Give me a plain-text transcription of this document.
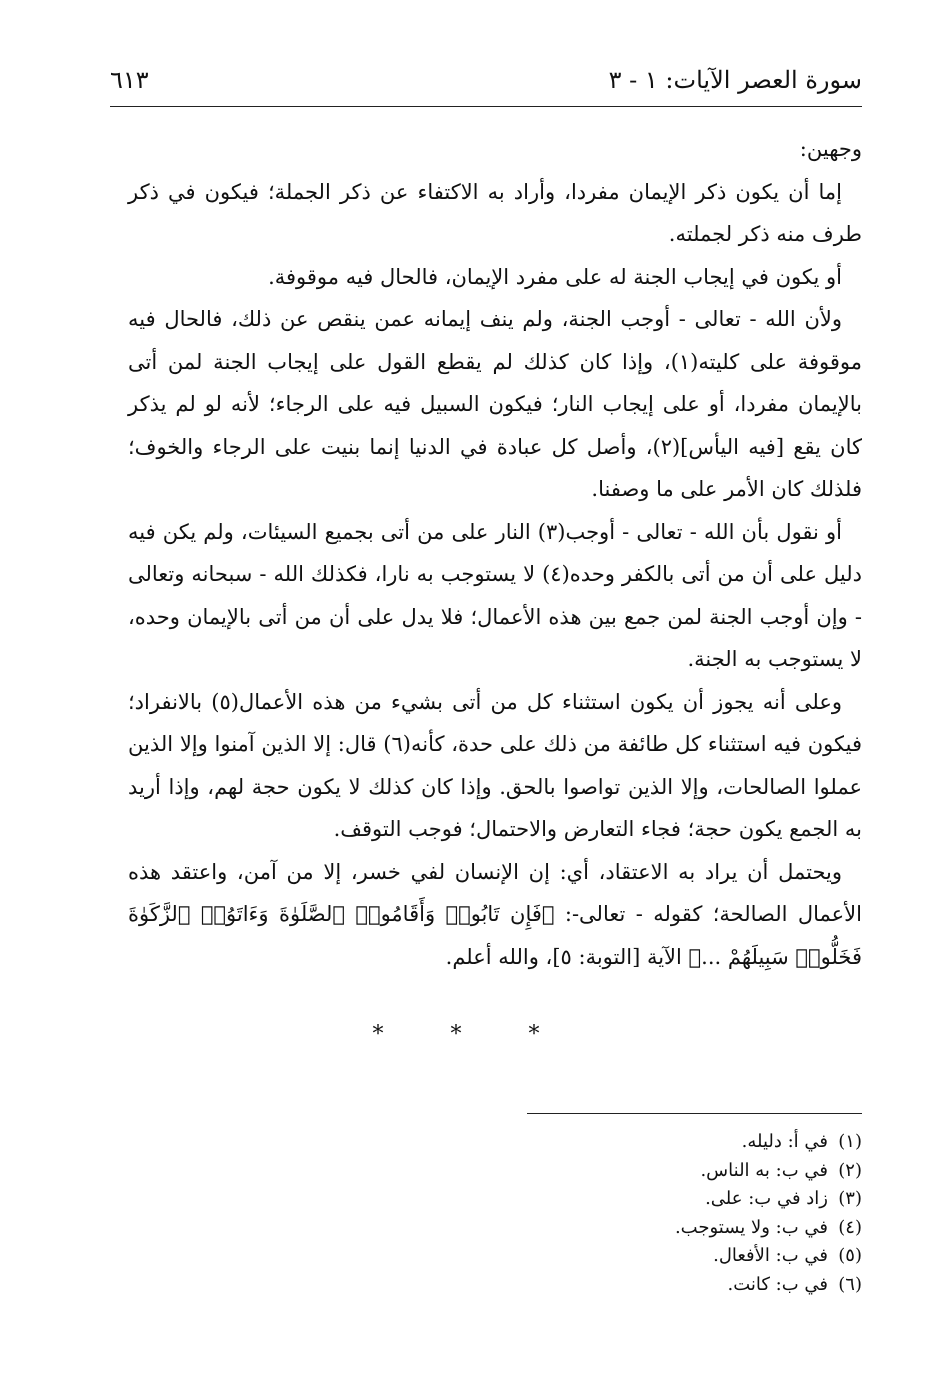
سورة العصر الآيات: ١ - ٣
٦١٣

وجهين:

إما أن يكون ذكر الإيمان مفردا، وأراد به الاكتفاء عن ذكر الجملة؛ فيكون في ذكر طرف منه ذكر لجملته.

أو يكون في إيجاب الجنة له على مفرد الإيمان، فالحال فيه موقوفة.

ولأن الله - تعالى - أوجب الجنة، ولم ينف إيمانه عمن ينقص عن ذلك، فالحال فيه موقوفة على كليته(١)، وإذا كان كذلك لم يقطع القول على إيجاب الجنة لمن أتى بالإيمان مفردا، أو على إيجاب النار؛ فيكون السبيل فيه على الرجاء؛ لأنه لو لم يذكر كان يقع [فيه اليأس](٢)، وأصل كل عبادة في الدنيا إنما بنيت على الرجاء والخوف؛ فلذلك كان الأمر على ما وصفنا.

أو نقول بأن الله - تعالى - أوجب(٣) النار على من أتى بجميع السيئات، ولم يكن فيه دليل على أن من أتى بالكفر وحده(٤) لا يستوجب به نارا، فكذلك الله - سبحانه وتعالى - وإن أوجب الجنة لمن جمع بين هذه الأعمال؛ فلا يدل على أن من أتى بالإيمان وحده، لا يستوجب به الجنة.

وعلى أنه يجوز أن يكون استثناء كل من أتى بشيء من هذه الأعمال(٥) بالانفراد؛ فيكون فيه استثناء كل طائفة من ذلك على حدة، كأنه(٦) قال: إلا الذين آمنوا وإلا الذين عملوا الصالحات، وإلا الذين تواصوا بالحق. وإذا كان كذلك لا يكون حجة لهم، وإذا أريد به الجمع يكون حجة؛ فجاء التعارض والاحتمال؛ فوجب التوقف.

ويحتمل أن يراد به الاعتقاد، أي: إن الإنسان لفي خسر، إلا من آمن، واعتقد هذه الأعمال الصالحة؛ كقوله - تعالى-: ﴿فَإِن تَابُوا۟ وَأَقَامُوا۟ ٱلصَّلَوٰةَ وَءَاتَوُا۟ ٱلزَّكَوٰةَ فَخَلُّوا۟ سَبِيلَهُمْ ...﴾ الآية [التوبة: ٥]، والله أعلم.

* * *
(١)
في أ: دليله.
(٢)
في ب: به الناس.
(٣)
زاد في ب: على.
(٤)
في ب: ولا يستوجب.
(٥)
في ب: الأفعال.
(٦)
في ب: كانت.
